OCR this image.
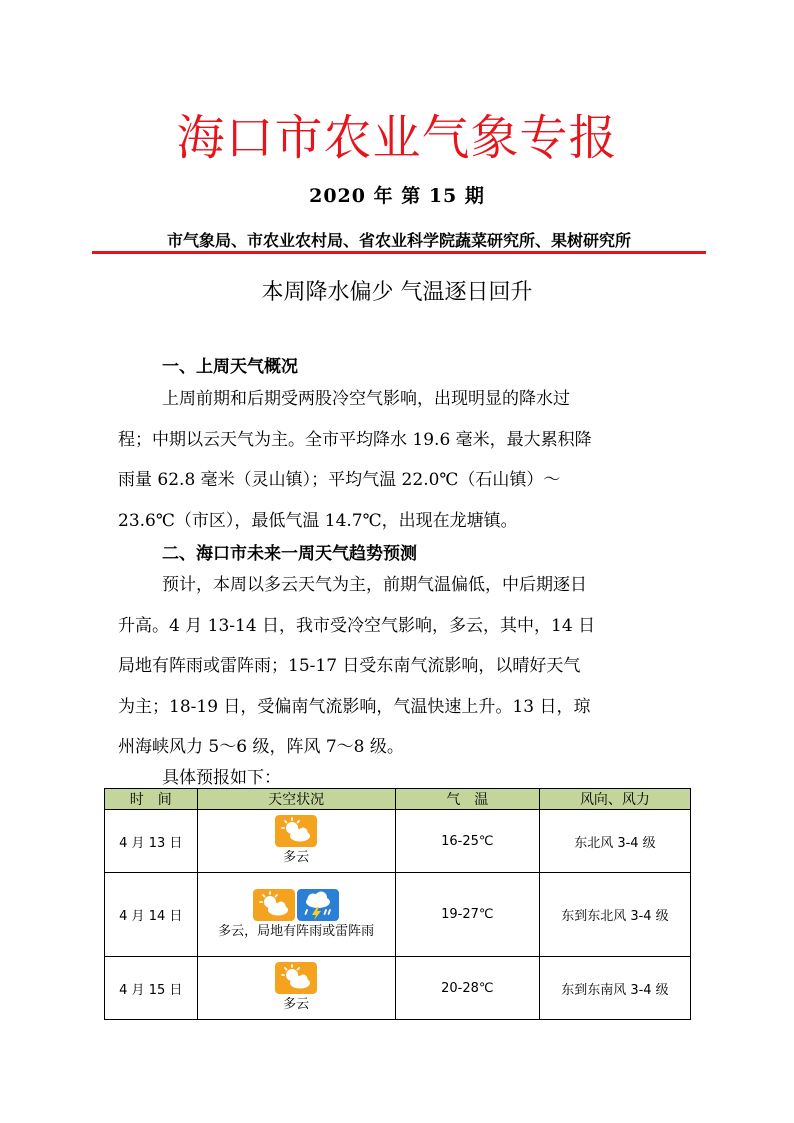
海口市农业气象专报
2020 年 第 15 期
市气象局、市农业农村局、省农业科学院蔬菜研究所、果树研究所
本周降水偏少 气温逐日回升
一、上周天气概况
上周前期和后期受两股冷空气影响，出现明显的降水过
程；中期以云天气为主。全市平均降水 19.6 毫米，最大累积降
雨量 62.8 毫米（灵山镇）；平均气温 22.0℃（石山镇）～
23.6℃（市区），最低气温 14.7℃，出现在龙塘镇。
二、海口市未来一周天气趋势预测
预计，本周以多云天气为主，前期气温偏低，中后期逐日
升高。4 月 13-14 日，我市受冷空气影响，多云，其中，14 日
局地有阵雨或雷阵雨；15-17 日受东南气流影响，以晴好天气
为主；18-19 日，受偏南气流影响，气温快速上升。13 日，琼
州海峡风力 5～6 级，阵风 7～8 级。
具体预报如下：
时　间	天空状况	气　温	风向、风力
4 月 13 日	多云	16-25℃	东北风 3-4 级
4 月 14 日	多云，局地有阵雨或雷阵雨	19-27℃	东到东北风 3-4 级
4 月 15 日	多云	20-28℃	东到东南风 3-4 级
